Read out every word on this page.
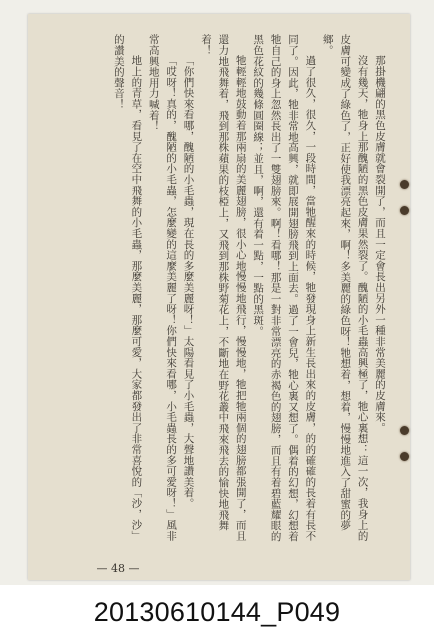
那掛機翩的黑色皮膚就會裂開了，而且一定會長出另外一種非常美麗的皮膚來。

沒有幾天，牠身上那醜陋的黑色皮膚果然裂了。醜陋的小毛蟲高興極了，牠心裏想：這一次，我身上的皮膚可變成了綠色了，正好使我漂亮起來，啊！多美麗的綠色呀！牠想着，想着，慢慢地進入了甜蜜的夢鄉。

過了很久，很久，一段時間，當牠醒來的時候，牠發現身上新生長出來的皮膚，的的確確的長着有長不同了。因此，牠非常地高興，就即展開翅膀飛到上面去。過了一會兒，牠心裏又想了。偶着的幻想，幻想着牠自己的身上忽然長出了一雙翅膀來。啊！看哪！那是一對非常漂亮的赤褐色的翅膀，而且有着碧藍耀眼的黑色花紋的幾條圓圈線；並且，啊，還有着一點，一點的黑斑。

牠輕輕地鼓動着那兩扇的美麗翅膀，很小心地慢慢地飛行，慢慢地，牠把牠兩個的翅膀都張開了，而且還力地飛舞着，飛到那株蘋果的枝椏上，又飛到那株野菊花上，不斷地在野花叢中飛來飛去的愉快地飛舞着！

「你們快來看哪，醜陋的小毛蟲，現在長的多麼美麗呀！」太陽看見了小毛蟲，大聲地讚美着。

「哎呀！真的，醜陋的小毛蟲，怎麼變的這麼美麗了呀！你們快來看哪，小毛蟲長的多可愛呀！」風非常高興地用力喊着！

地上的青草，看見了在空中飛舞的小毛蟲，那麼美麗，那麼可愛，大家都發出了非常喜悅的「沙，沙」的讚美的聲音！

— 48 —
20130610144_P049
